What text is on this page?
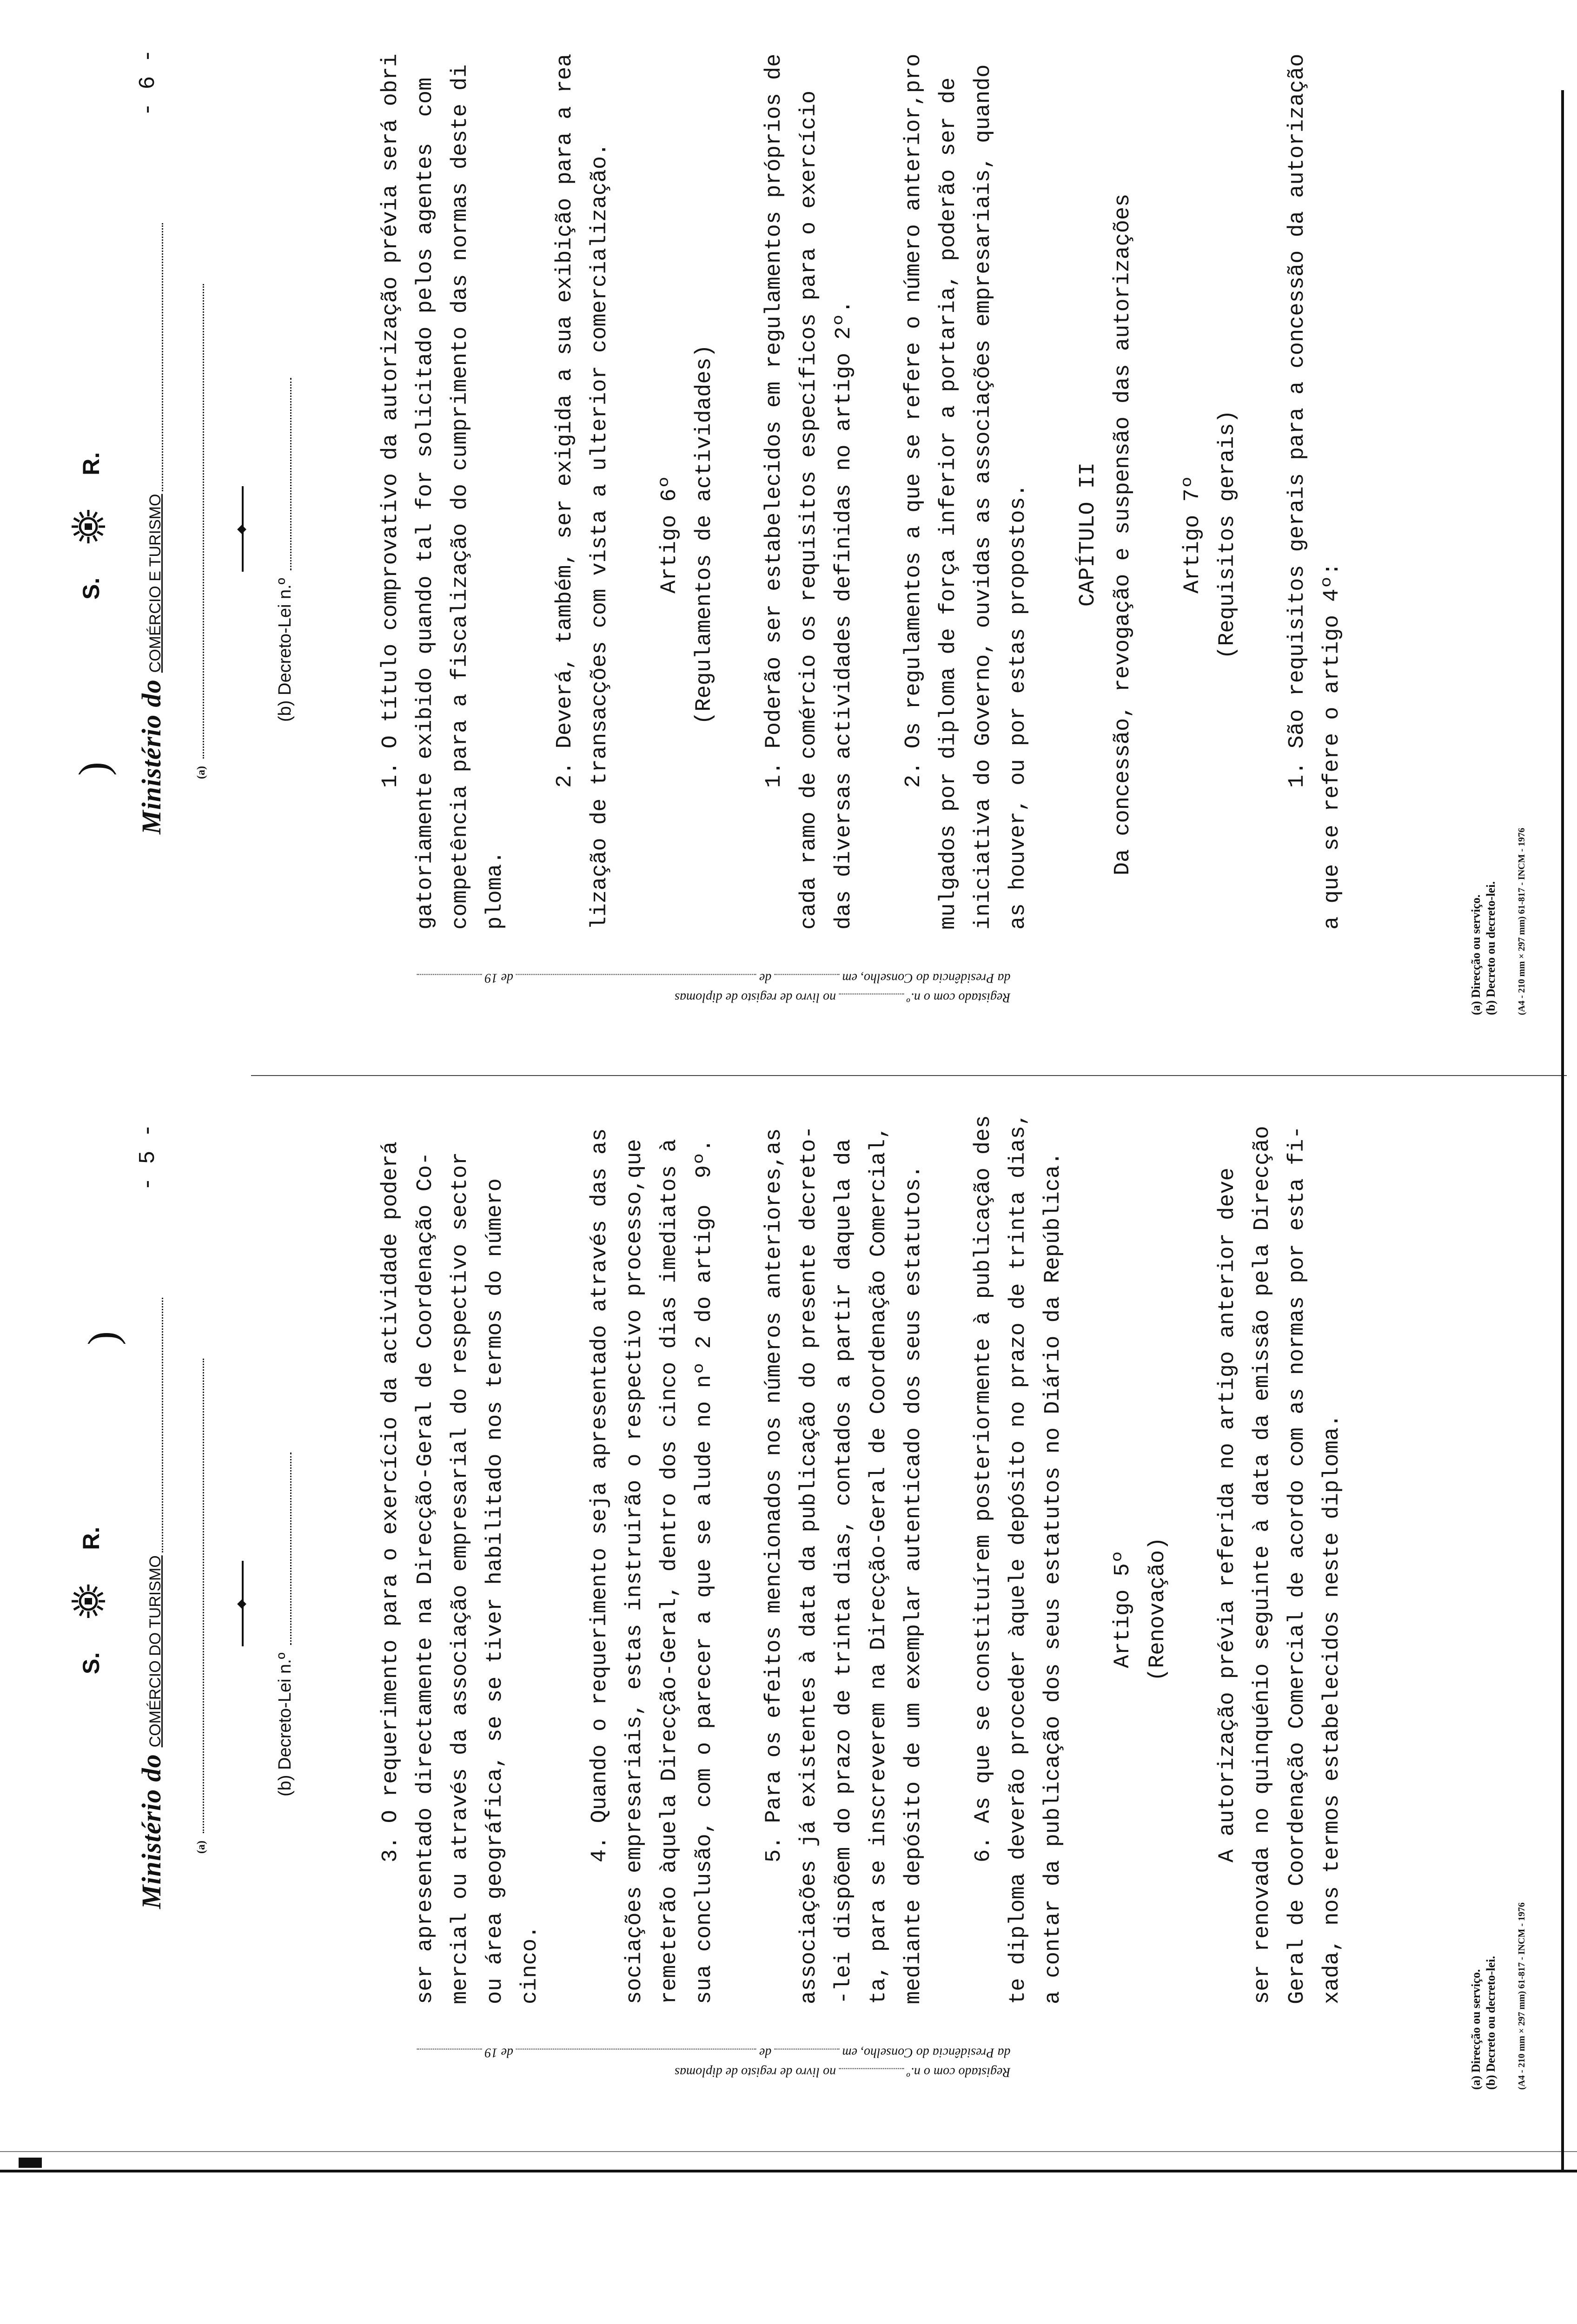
S.
R.
)
Ministério do
COMÉRCIO DO TURISMO
- 5 -
(a)
(b) Decreto-Lei n.º
Registado com o n.º
no livro de registo de diplomas
da Presidência do Conselho, em
de
de 19
3. O requerimento para o exercício da actividade poderá ser apresentado directamente na Direcção-Geral de Coordenação Co- mercial ou através da associação empresarial do respectivo sector ou área geográfica, se se tiver habilitado nos termos do número cinco.
4. Quando o requerimento seja apresentado através das as sociações empresariais, estas instruirão o respectivo processo,que remeterão àquela Direcção-Geral, dentro dos cinco dias imediatos à sua conclusão, com o parecer a que se alude no nº 2 do artigo  9º. 5. Para os efeitos mencionados nos números anteriores,as associações já existentes à data da publicação do presente decreto- -lei dispõem do prazo de trinta dias, contados a partir daquela da ta, para se inscreverem na Direcção-Geral de Coordenação Comercial, mediante depósito de um exemplar autenticado dos seus estatutos. 6. As que se constituírem posteriormente à publicação des te diploma deverão proceder àquele depósito no prazo de trinta dias, a contar da publicação dos seus estatutos no Diário da República. Artigo 5º (Renovação) A autorização prévia referida no artigo anterior deve ser renovada no quinquénio seguinte à data da emissão pela Direcção Geral de Coordenação Comercial de acordo com as normas por esta fi- xada, nos termos estabelecidos neste diploma.
(a) Direcção ou serviço. (b) Decreto ou decreto-lei. (A4 - 210 mm × 297 mm) 61-817 - INCM - 1976
S.
R.
) Ministério do
COMÉRCIO E TURISMO
- 6 -
(a)
(b) Decreto-Lei n.º
Registado com o n.º
no livro de registo de diplomas
da Presidência do Conselho, em
de
de 19
1. O título comprovativo da autorização prévia será obri gatoriamente exibido quando tal for solicitado pelos agentes  com competência para a fiscalização do cumprimento das normas deste di ploma.
2. Deverá, também, ser exigida a sua exibição para a rea lização de transacções com vista a ulterior comercialização. Artigo 6º (Regulamentos de actividades) 1. Poderão ser estabelecidos em regulamentos próprios de cada ramo de comércio os requisitos específicos para o exercício das diversas actividades definidas no artigo 2º. 2. Os regulamentos a que se refere o número anterior,pro mulgados por diploma de força inferior a portaria, poderão ser de iniciativa do Governo, ouvidas as associações empresariais, quando as houver, ou por estas propostos. CAPÍTULO II Da concessão, revogação e suspensão das autorizações Artigo 7º (Requisitos gerais) 1. São requisitos gerais para a concessão da autorização a que se refere o artigo 4º:
(a) Direcção ou serviço. (b) Decreto ou decreto-lei. (A4 - 210 mm × 297 mm) 61-817 - INCM - 1976
